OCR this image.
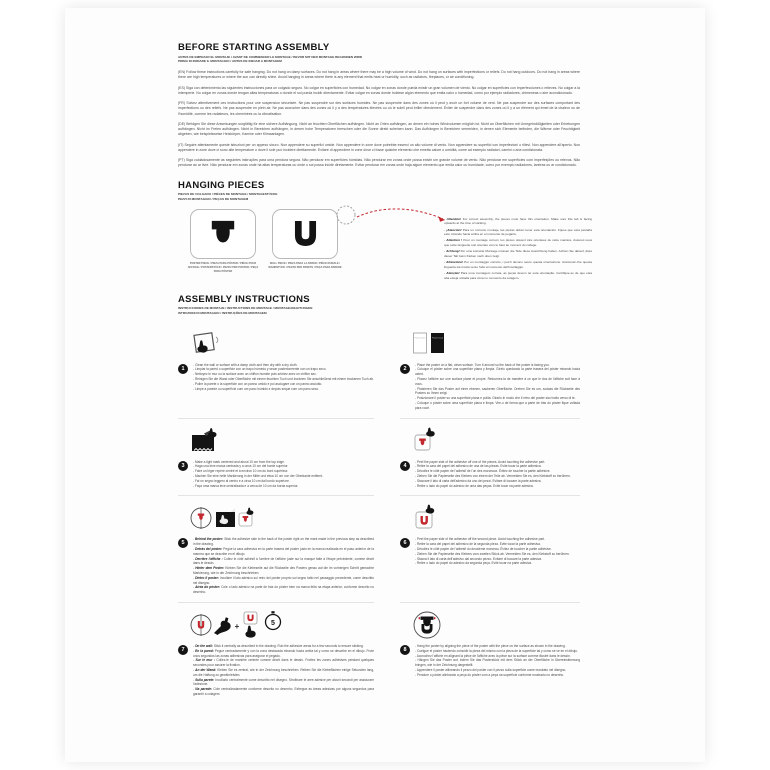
BEFORE STARTING ASSEMBLY
ANTES DE EMPEZAR EL MONTAJE / AVANT DE COMMENCER LE MONTAGE / BEVOR MIT DER MONTAGE BEGONNEN WIRD
PRIMA DI INIZIARE IL MONTAGGIO / ANTES DE INICIAR A MONTAGEM

(EN) Follow these instructions carefully for safe hanging. Do not hang on damp surfaces. Do not hang in areas where there may be a high volume of wind. Do not hang on surfaces with imperfections or reliefs. Do not hang outdoors. Do not hang in areas where there are high temperatures or where the sun can directly shine. Avoid hanging in areas where there is any element that emits heat or humidity, such as radiators, fireplaces, or air conditioning.

(ES) Siga con detenimiento las siguientes instrucciones para un colgado seguro. No colgar en superficies con humedad. No colgar en zonas donde pueda existir un gran volumen de viento. No colgar en superficies con imperfecciones o relieves. No colgar a la intemperie. No colgar en zonas donde tengan altas temperaturas o donde el sol pueda incidir directamente. Evitar colgar en zonas donde hubiese algún elemento que emita calor o humedad, como por ejemplo radiadores, chimeneas o aire acondicionado.

(FR) Suivez attentivement ces instructions pour une suspension sécurisée. Ne pas suspendre sur des surfaces humides. Ne pas suspendre dans des zones où il peut y avoir un fort volume de vent. Ne pas suspendre sur des surfaces comportant des imperfections ou des reliefs. Ne pas suspendre en plein air. Ne pas accrocher dans des zones où il y a des températures élevées ou où le soleil peut briller directement. Éviter de suspendre dans des zones où il y a un élément qui émet de la chaleur ou de l'humidité, comme les radiateurs, les cheminées ou la climatisation.

(DE) Befolgen Sie diese Anweisungen sorgfältig für eine sichere Aufhängung. Nicht an feuchten Oberflächen aufhängen. Nicht an Orten aufhängen, an denen ein hohes Windvolumen möglich ist. Nicht an Oberflächen mit Unregelmäßigkeiten oder Erhebungen aufhängen. Nicht im Freien aufhängen. Nicht in Bereichen aufhängen, in denen hohe Temperaturen herrschen oder die Sonne direkt scheinen kann. Das Aufhängen in Bereichen vermeiden, in denen sich Elemente befinden, die Wärme oder Feuchtigkeit abgeben, wie beispielsweise Heizkörper, Kamine oder Klimaanlagen.

(IT) Seguire attentamente queste istruzioni per un appeso sicuro. Non appendere su superfici umide. Non appendere in zone dove potrebbe esserci un alto volume di vento. Non appendere su superfici con imperfezioni o rilievi. Non appendere all'aperto. Non appendere in zone dove ci sono alte temperature o dove il sole può incidere direttamente. Evitare di appendere in zone dove ci fosse qualche elemento che emetta calore o umidità, come ad esempio radiatori, camini o aria condizionata.

(PT) Siga cuidadosamente as seguintes instruções para uma pendura segura. Não pendurar em superfícies húmidas. Não pendurar em zonas onde possa existir um grande volume de vento. Não pendurar em superfícies com imperfeições ou relevos. Não pendurar ao ar livre. Não pendurar em zonas onde há altas temperaturas ou onde o sol possa incidir diretamente. Evitar pendurar em zonas onde haja algum elemento que emita calor ou humidade, como por exemplo radiadores, lareiras ou ar condicionado.

HANGING PIECES
PIEZAS DE COLGADO / PIÈCES DE MONTAGE / MONTAGESTÜCKE
PEZZI DI MONTAGGIO / PEÇAS DE MONTAGEM
POSTER PIECE / PIEZA PARA PÓSTER / PIÈCE POUR AFFICHE / POSTERSTÜCK / PEZZO PER POSTER / PEÇA PARA PÓSTER
WALL PIECE / PIEZA PARA LA PARED / PIÈCE MURALE / WANDSTÜCK / PEZZO PER PARETE / PEÇA PARA PAREDE
- Attention! For correct assembly, the pieces must have this orientation. Make sure this tab is facing upwards at the time of sticking.
- ¡Atención! Para un correcto montaje, las piezas deben tener esta orientación. Fíjese que esta pestaña esté mirando hacia arriba en el momento de pegarla.
- Attention ! Pour un montage correct, les pièces doivent être orientées de cette manière. Assurez-vous que cette languette soit orientée vers le haut au moment du collage.
- Achtung! Für eine korrekte Montage müssen die Teile diese Ausrichtung haben. Achten Sie darauf, dass dieser Tab beim Kleben nach oben zeigt.
- Attenzione! Per un montaggio corretto, i pezzi devono avere questa orientazione. Assicurati che questa linguetta sia rivolta verso l'alto al momento dell'incollaggio.
- Atenção! Para uma montagem correta, as peças devem ter esta orientação. Certifique-se de que esta aba esteja voltada para cima no momento da colagem.
ASSEMBLY INSTRUCTIONS
INSTRUCCIONES DE MONTAJE / INSTRUCTIONS DE MONTAGE / MONTAGEANLEITUNGEN
ISTRUZIONI DI MONTAGGIO / INSTRUÇÕES DE MONTAGEM
1
- Clean the wall or surface with a damp cloth and then dry with a dry cloth.
- Limpiar la pared o superficie con un trapo húmedo y secar posteriormente con un trapo seco.
- Nettoyez le mur ou la surface avec un chiffon humide puis séchez avec un chiffon sec.
- Reinigen Sie die Wand oder Oberfläche mit einem feuchten Tuch und trocknen Sie anschließend mit einem trockenen Tuch ab.
- Pulire la parete o la superficie con un panno umido e poi asciugare con un panno asciutto.
- Limpe a parede ou superfície com um pano húmido e depois seque com um pano seco.
Poster front	Poster back
2
- Place the poster on a flat, clean surface. Turn it around so the back of the poster is facing you.
- Coloque el póster sobre una superficie plana y limpia. Gírelo quedando la parte trasera del póster mirando hacia usted.
- Placez l'affiche sur une surface plane et propre. Retournez-la de manière à ce que le dos de l'affiche soit face à vous.
- Platzieren Sie das Poster auf einer ebenen, sauberen Oberfläche. Drehen Sie es um, sodass die Rückseite des Posters zu Ihnen zeigt.
- Posizionare il poster su una superficie piana e pulita. Girarlo in modo che il retro del poster sia rivolto verso di te.
- Coloque o póster sobre uma superfície plana e limpa. Vire-o de forma que a parte de trás do póster fique voltada para você.
3
- Make a light mark centered and about 10 cm from the top edge.
- Haga una leve marca centrada y a unos 10 cm del borde superior.
- Faire un léger repère centré et à environ 10 cm du bord supérieur.
- Machen Sie eine helle Markierung in der Mitte und etwa 10 cm von der Oberkante entfernt.
- Fai un segno leggero al centro e a circa 10 cm dal bordo superiore.
- Faça uma marca leve centralizada e a cerca de 10 cm da borda superior.
4
- Peel the paper side of the adhesive off one of the pieces. Avoid touching the adhesive part.
- Retire la cara del papel del adhesivo de una de las piezas. Evite tocar la parte adhesiva.
- Décollez le côté papier de l'adhésif de l'un des morceaux. Évitez de toucher la partie adhésive.
- Ziehen Sie die Papierseite des Klebers von einem der Teile ab. Vermeiden Sie es, den Klebstoff zu berühren.
- Staccare il lato di carta dell'adesivo da uno dei pezzi. Evitare di toccare la parte adesiva.
- Retire o lado do papel do adesivo de uma das peças. Evite tocar na parte adesiva.
5
- Behind the poster: Stick the adhesive side to the back of the poster right on the mark made in the previous step as described in the drawing.
- Detrás del póster: Pegue la cara adhesiva en la parte trasera del póster justo en la marca realizada en el paso anterior de la manera que se describe en el dibujo.
- Derrière l'affiche : Collez le côté adhésif à l'arrière de l'affiche juste sur la marque faite à l'étape précédente, comme décrit dans le dessin.
- Hinter dem Poster: Kleben Sie die Klebeseite auf die Rückseite des Posters genau auf die im vorherigen Schritt gemachte Markierung, wie in der Zeichnung beschrieben.
- Dietro il poster: Incollare il lato adesivo sul retro del poster proprio sul segno fatto nel passaggio precedente, come descritto nel disegno.
- Atrás do póster: Cole o lado adesivo na parte de trás do póster bem na marca feita na etapa anterior, conforme descrito no desenho.
6
- Peel the paper side of the adhesive off the second piece. Avoid touching the adhesive part.
- Retire la cara del papel del adhesivo de la segunda pieza. Evite tocar la parte adhesiva.
- Décollez le côté papier de l'adhésif du deuxième morceau. Évitez de toucher la partie adhésive.
- Ziehen Sie die Papierseite des Klebers vom zweiten Stück ab. Vermeiden Sie es, den Klebstoff zu berühren.
- Stacca il lato di carta dell'adesivo dal secondo pezzo. Evitare di toccare la parte adesiva.
- Retire o lado do papel do adesivo da segunda peça. Evite tocar na parte adesiva.
+	5
7
- On the wall: Stick it centrally as described in the drawing. Rub the adhesive areas for a few seconds to ensure sticking.
- En la pared: Pegue centradamente y con la zona destacada mirando hacia arriba tal y como se describe en el dibujo. Frote unos segundos las zonas adhesivas para asegurar el pegado.
- Sur le mur : Collez-le de manière centrée comme décrit dans le dessin. Frottez les zones adhésives pendant quelques secondes pour assurer la fixation.
- An der Wand: Kleben Sie es zentral, wie in der Zeichnung beschrieben. Reiben Sie die Klebeflächen einige Sekunden lang, um die Haftung zu gewährleisten.
- Sulla parete: Incollarlo centralmente come descritto nel disegno. Strofinare le aree adesive per alcuni secondi per assicurare l'adesione.
- Na parede: Cole centralizadamente conforme descrito no desenho. Esfregue as áreas adesivas por alguns segundos para garantir a colagem.
8
- Hang the poster by aligning the piece of the poster with the piece on the surface as shown in the drawing.
- Cuelgue el póster haciendo coincidir la pieza del mismo con la pieza de la superficie tal y como se ve en el dibujo.
- Accrochez l'affiche en alignant la pièce de l'affiche avec la pièce sur la surface comme illustré dans le dessin.
- Hängen Sie das Poster auf, indem Sie das Posterstück mit dem Stück an der Oberfläche in Übereinstimmung bringen, wie in der Zeichnung dargestellt.
- Appendere il poster allineando il pezzo del poster con il pezzo sulla superficie come mostrato nel disegno.
- Pendure o póster alinhando a peça do póster com a peça na superfície conforme mostrado no desenho.
